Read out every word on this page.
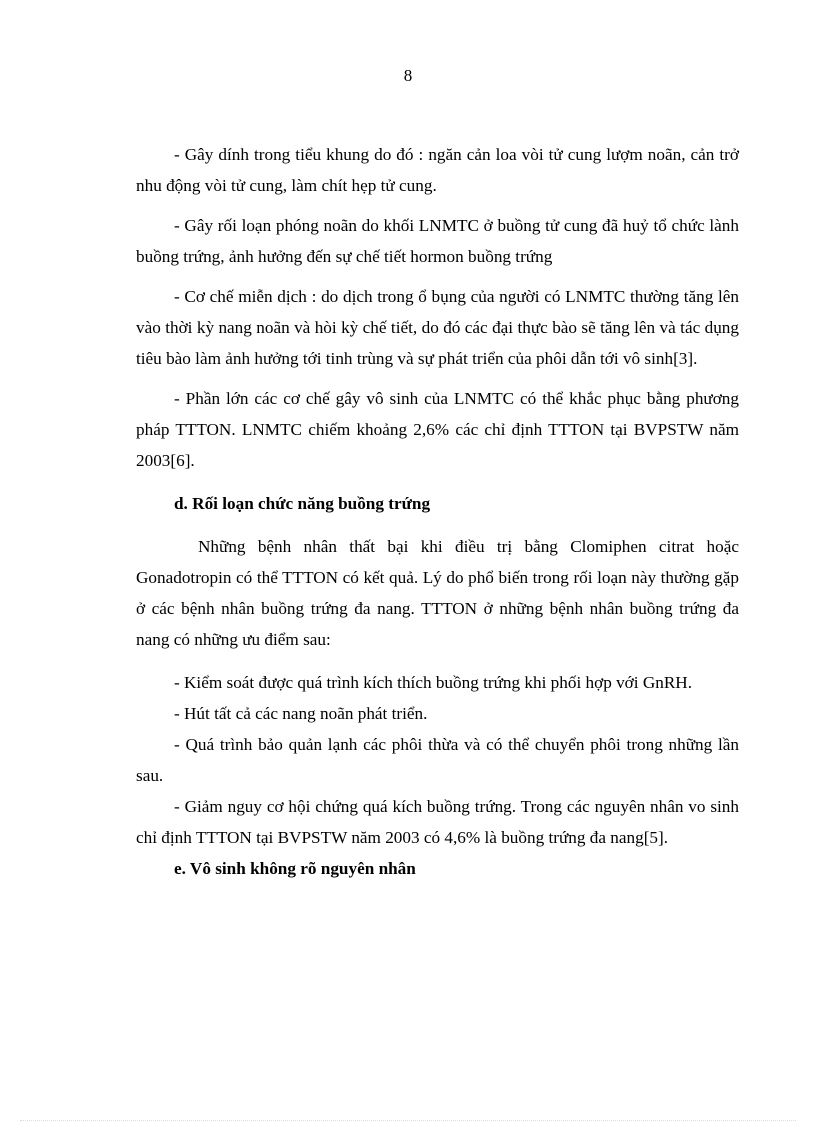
8

- Gây dính trong tiểu khung do đó : ngăn cản loa vòi tử cung lượm noãn, cản trở nhu động vòi tử cung, làm chít hẹp tử cung.

- Gây rối loạn phóng noãn do khối LNMTC ở buồng tử cung đã huỷ tổ chức lành buồng trứng, ảnh hưởng đến sự chế tiết hormon buồng trứng

- Cơ chế miễn dịch : do dịch trong ổ bụng của người có LNMTC thường tăng lên vào thời kỳ nang noãn và hòi kỳ chế tiết, do đó các đại thực bào sẽ tăng lên và tác dụng tiêu bào làm ảnh hưởng tới tinh trùng và sự phát triển của phôi dẫn tới vô sinh[3].

- Phần lớn các cơ chế gây vô sinh của LNMTC có thể khắc phục bằng phương pháp TTTON. LNMTC chiếm khoảng 2,6% các chỉ định TTTON tại BVPSTW năm 2003[6].

d. Rối loạn chức năng buồng trứng

Những bệnh nhân thất bại khi điều trị bằng Clomiphen citrat hoặc Gonadotropin có thể TTTON có kết quả. Lý do phổ biến trong rối loạn này thường gặp ở các bệnh nhân buồng trứng đa nang. TTTON ở những bệnh nhân buồng trứng đa nang có những ưu điểm sau:

- Kiểm soát được quá trình kích thích buồng trứng khi phối hợp với GnRH.

- Hút tất cả các nang noãn phát triển.

- Quá trình bảo quản lạnh các phôi thừa và có thể chuyển phôi trong những lần sau.

- Giảm nguy cơ hội chứng quá kích buồng trứng. Trong các nguyên nhân vo sinh chỉ định TTTON tại BVPSTW năm 2003 có 4,6% là buồng trứng đa nang[5].

e. Vô sinh không rõ nguyên nhân
